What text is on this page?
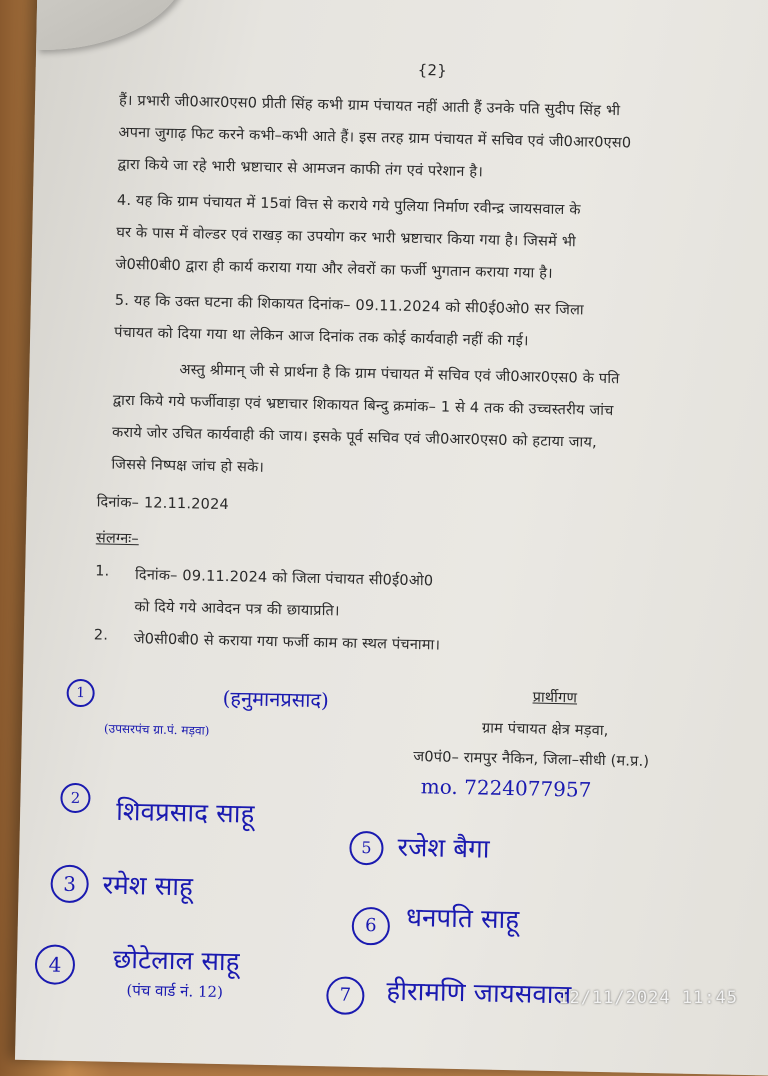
{2}
हैं। प्रभारी जी0आर0एस0 प्रीती सिंह कभी ग्राम पंचायत नहीं आती हैं उनके पति सुदीप सिंह भी
अपना जुगाढ़ फिट करने कभी–कभी आते हैं। इस तरह ग्राम पंचायत में सचिव एवं जी0आर0एस0
द्वारा किये जा रहे भारी भ्रष्टाचार से आमजन काफी तंग एवं परेशान है।
4. यह कि ग्राम पंचायत में 15वां वित्त से कराये गये पुलिया निर्माण रवीन्द्र जायसवाल के
घर के पास में वोल्डर एवं राखड़ का उपयोग कर भारी भ्रष्टाचार किया गया है। जिसमें भी
जे0सी0बी0 द्वारा ही कार्य कराया गया और लेवरों का फर्जी भुगतान कराया गया है।
5. यह कि उक्त घटना की शिकायत दिनांक– 09.11.2024 को सी0ई0ओ0 सर जिला
पंचायत को दिया गया था लेकिन आज दिनांक तक कोई कार्यवाही नहीं की गई।
अस्तु श्रीमान् जी से प्रार्थना है कि ग्राम पंचायत में सचिव एवं जी0आर0एस0 के पति
द्वारा किये गये फर्जीवाड़ा एवं भ्रष्टाचार शिकायत बिन्दु क्रमांक– 1 से 4 तक की उच्चस्तरीय जांच
कराये जोर उचित कार्यवाही की जाय। इसके पूर्व सचिव एवं जी0आर0एस0 को हटाया जाय,
जिससे निष्पक्ष जांच हो सके।
दिनांक– 12.11.2024
संलग्नः–
1. दिनांक– 09.11.2024 को जिला पंचायत सी0ई0ओ0
को दिये गये आवेदन पत्र की छायाप्रति।
2. जे0सी0बी0 से कराया गया फर्जी काम का स्थल पंचनामा।
प्रार्थीगण
ग्राम पंचायत क्षेत्र मड़वा,
ज0पं0– रामपुर नैकिन, जिला–सीधी (म.प्र.)
mo. 7224077957
1	(हनुमानप्रसाद)
(उपसरपंच ग्रा.पं. मड़वा)
2	शिवप्रसाद साहू
3	रमेश साहू
4	छोटेलाल साहू
(पंच वार्ड नं. 12)
5 रजेश बैगा
6	धनपति साहू
7	हीरामणि जायसवाल
12/11/2024 11:45
